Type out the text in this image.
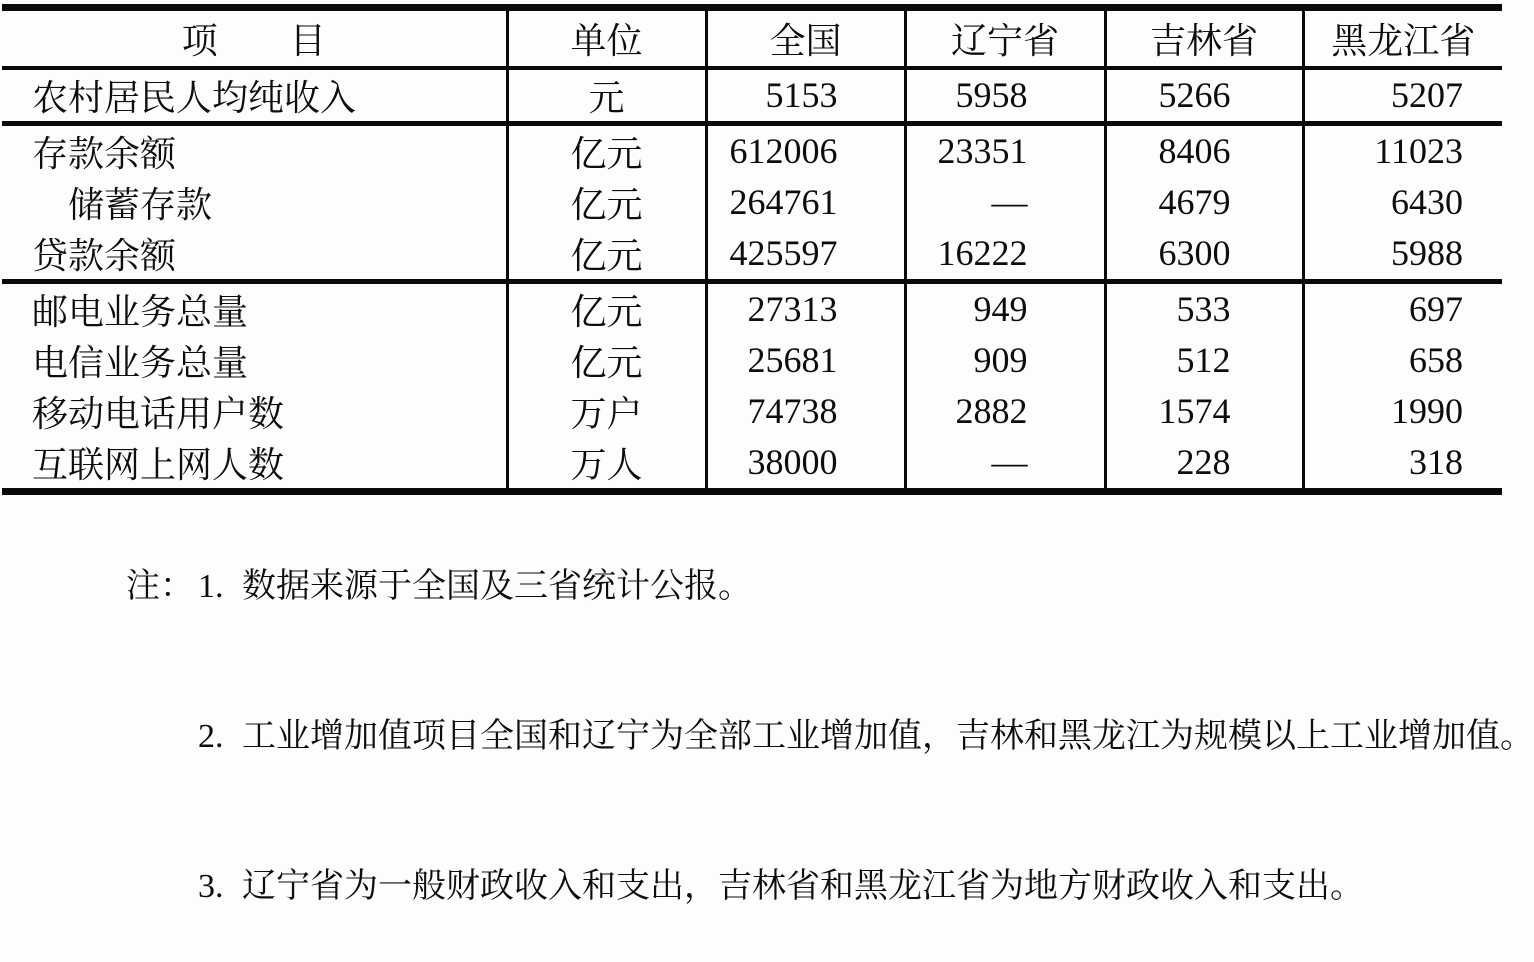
项　　目	单位	全国	辽宁省	吉林省	黑龙江省
农村居民人均纯收入	元	5153	5958	5266	5207
存款余额	亿元	612006	23351	8406	11023
　储蓄存款	亿元	264761	—	4679	6430
贷款余额	亿元	425597	16222	6300	5988
邮电业务总量	亿元	27313	949	533	697
电信业务总量	亿元	25681	909	512	658
移动电话用户数	万户	74738	2882	1574	1990
互联网上网人数	万人	38000	—	228	318

注： 1. 数据来源于全国及三省统计公报。

2. 工业增加值项目全国和辽宁为全部工业增加值，吉林和黑龙江为规模以上工业增加值。

3. 辽宁省为一般财政收入和支出，吉林省和黑龙江省为地方财政收入和支出。
